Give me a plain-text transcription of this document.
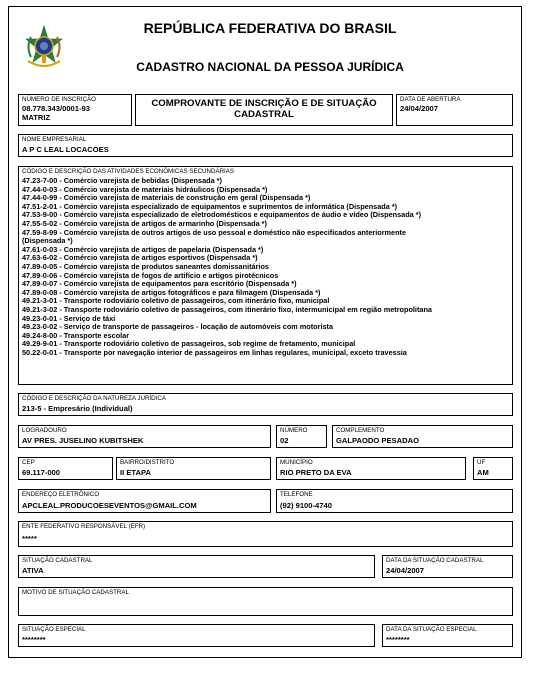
REPÚBLICA FEDERATIVA DO BRASIL
CADASTRO NACIONAL DA PESSOA JURÍDICA
NÚMERO DE INSCRIÇÃO
08.778.343/0001-93
MATRIZ
COMPROVANTE DE INSCRIÇÃO E DE SITUAÇÃO
CADASTRAL
DATA DE ABERTURA
24/04/2007
NOME EMPRESARIAL
A P C LEAL LOCACOES
CÓDIGO E DESCRIÇÃO DAS ATIVIDADES ECONÔMICAS SECUNDÁRIAS
47.23-7-00 - Comércio varejista de bebidas (Dispensada *)
47.44-0-03 - Comércio varejista de materiais hidráulicos (Dispensada *)
47.44-0-99 - Comércio varejista de materiais de construção em geral (Dispensada *)
47.51-2-01 - Comércio varejista especializado de equipamentos e suprimentos de informática (Dispensada *)
47.53-9-00 - Comércio varejista especializado de eletrodomésticos e equipamentos de áudio e vídeo (Dispensada *)
47.55-5-02 - Comércio varejista de artigos de armarinho (Dispensada *)
47.59-8-99 - Comércio varejista de outros artigos de uso pessoal e doméstico não especificados anteriormente
(Dispensada *)
47.61-0-03 - Comércio varejista de artigos de papelaria (Dispensada *)
47.63-6-02 - Comércio varejista de artigos esportivos (Dispensada *)
47.89-0-05 - Comércio varejista de produtos saneantes domissanitários
47.89-0-06 - Comércio varejista de fogos de artifício e artigos pirotécnicos
47.89-0-07 - Comércio varejista de equipamentos para escritório (Dispensada *)
47.89-0-08 - Comércio varejista de artigos fotográficos e para filmagem (Dispensada *)
49.21-3-01 - Transporte rodoviário coletivo de passageiros, com itinerário fixo, municipal
49.21-3-02 - Transporte rodoviário coletivo de passageiros, com itinerário fixo, intermunicipal em região metropolitana
49.23-0-01 - Serviço de táxi
49.23-0-02 - Serviço de transporte de passageiros - locação de automóveis com motorista
49.24-8-00 - Transporte escolar
49.29-9-01 - Transporte rodoviário coletivo de passageiros, sob regime de fretamento, municipal
50.22-0-01 - Transporte por navegação interior de passageiros em linhas regulares, municipal, exceto travessia
CÓDIGO E DESCRIÇÃO DA NATUREZA JURÍDICA
213-5 - Empresário (Individual)
LOGRADOURO
AV PRES. JUSELINO KUBITSHEK
NÚMERO
02
COMPLEMENTO
GALPAODO PESADAO
CEP
69.117-000
BAIRRO/DISTRITO
II ETAPA
MUNICÍPIO
RIO PRETO DA EVA
UF
AM
ENDEREÇO ELETRÔNICO
APCLEAL.PRODUCOESEVENTOS@GMAIL.COM
TELEFONE
(92) 9100-4740
ENTE FEDERATIVO RESPONSÁVEL (EFR)
*****
SITUAÇÃO CADASTRAL
ATIVA
DATA DA SITUAÇÃO CADASTRAL
24/04/2007
MOTIVO DE SITUAÇÃO CADASTRAL
SITUAÇÃO ESPECIAL
********
DATA DA SITUAÇÃO ESPECIAL
********
